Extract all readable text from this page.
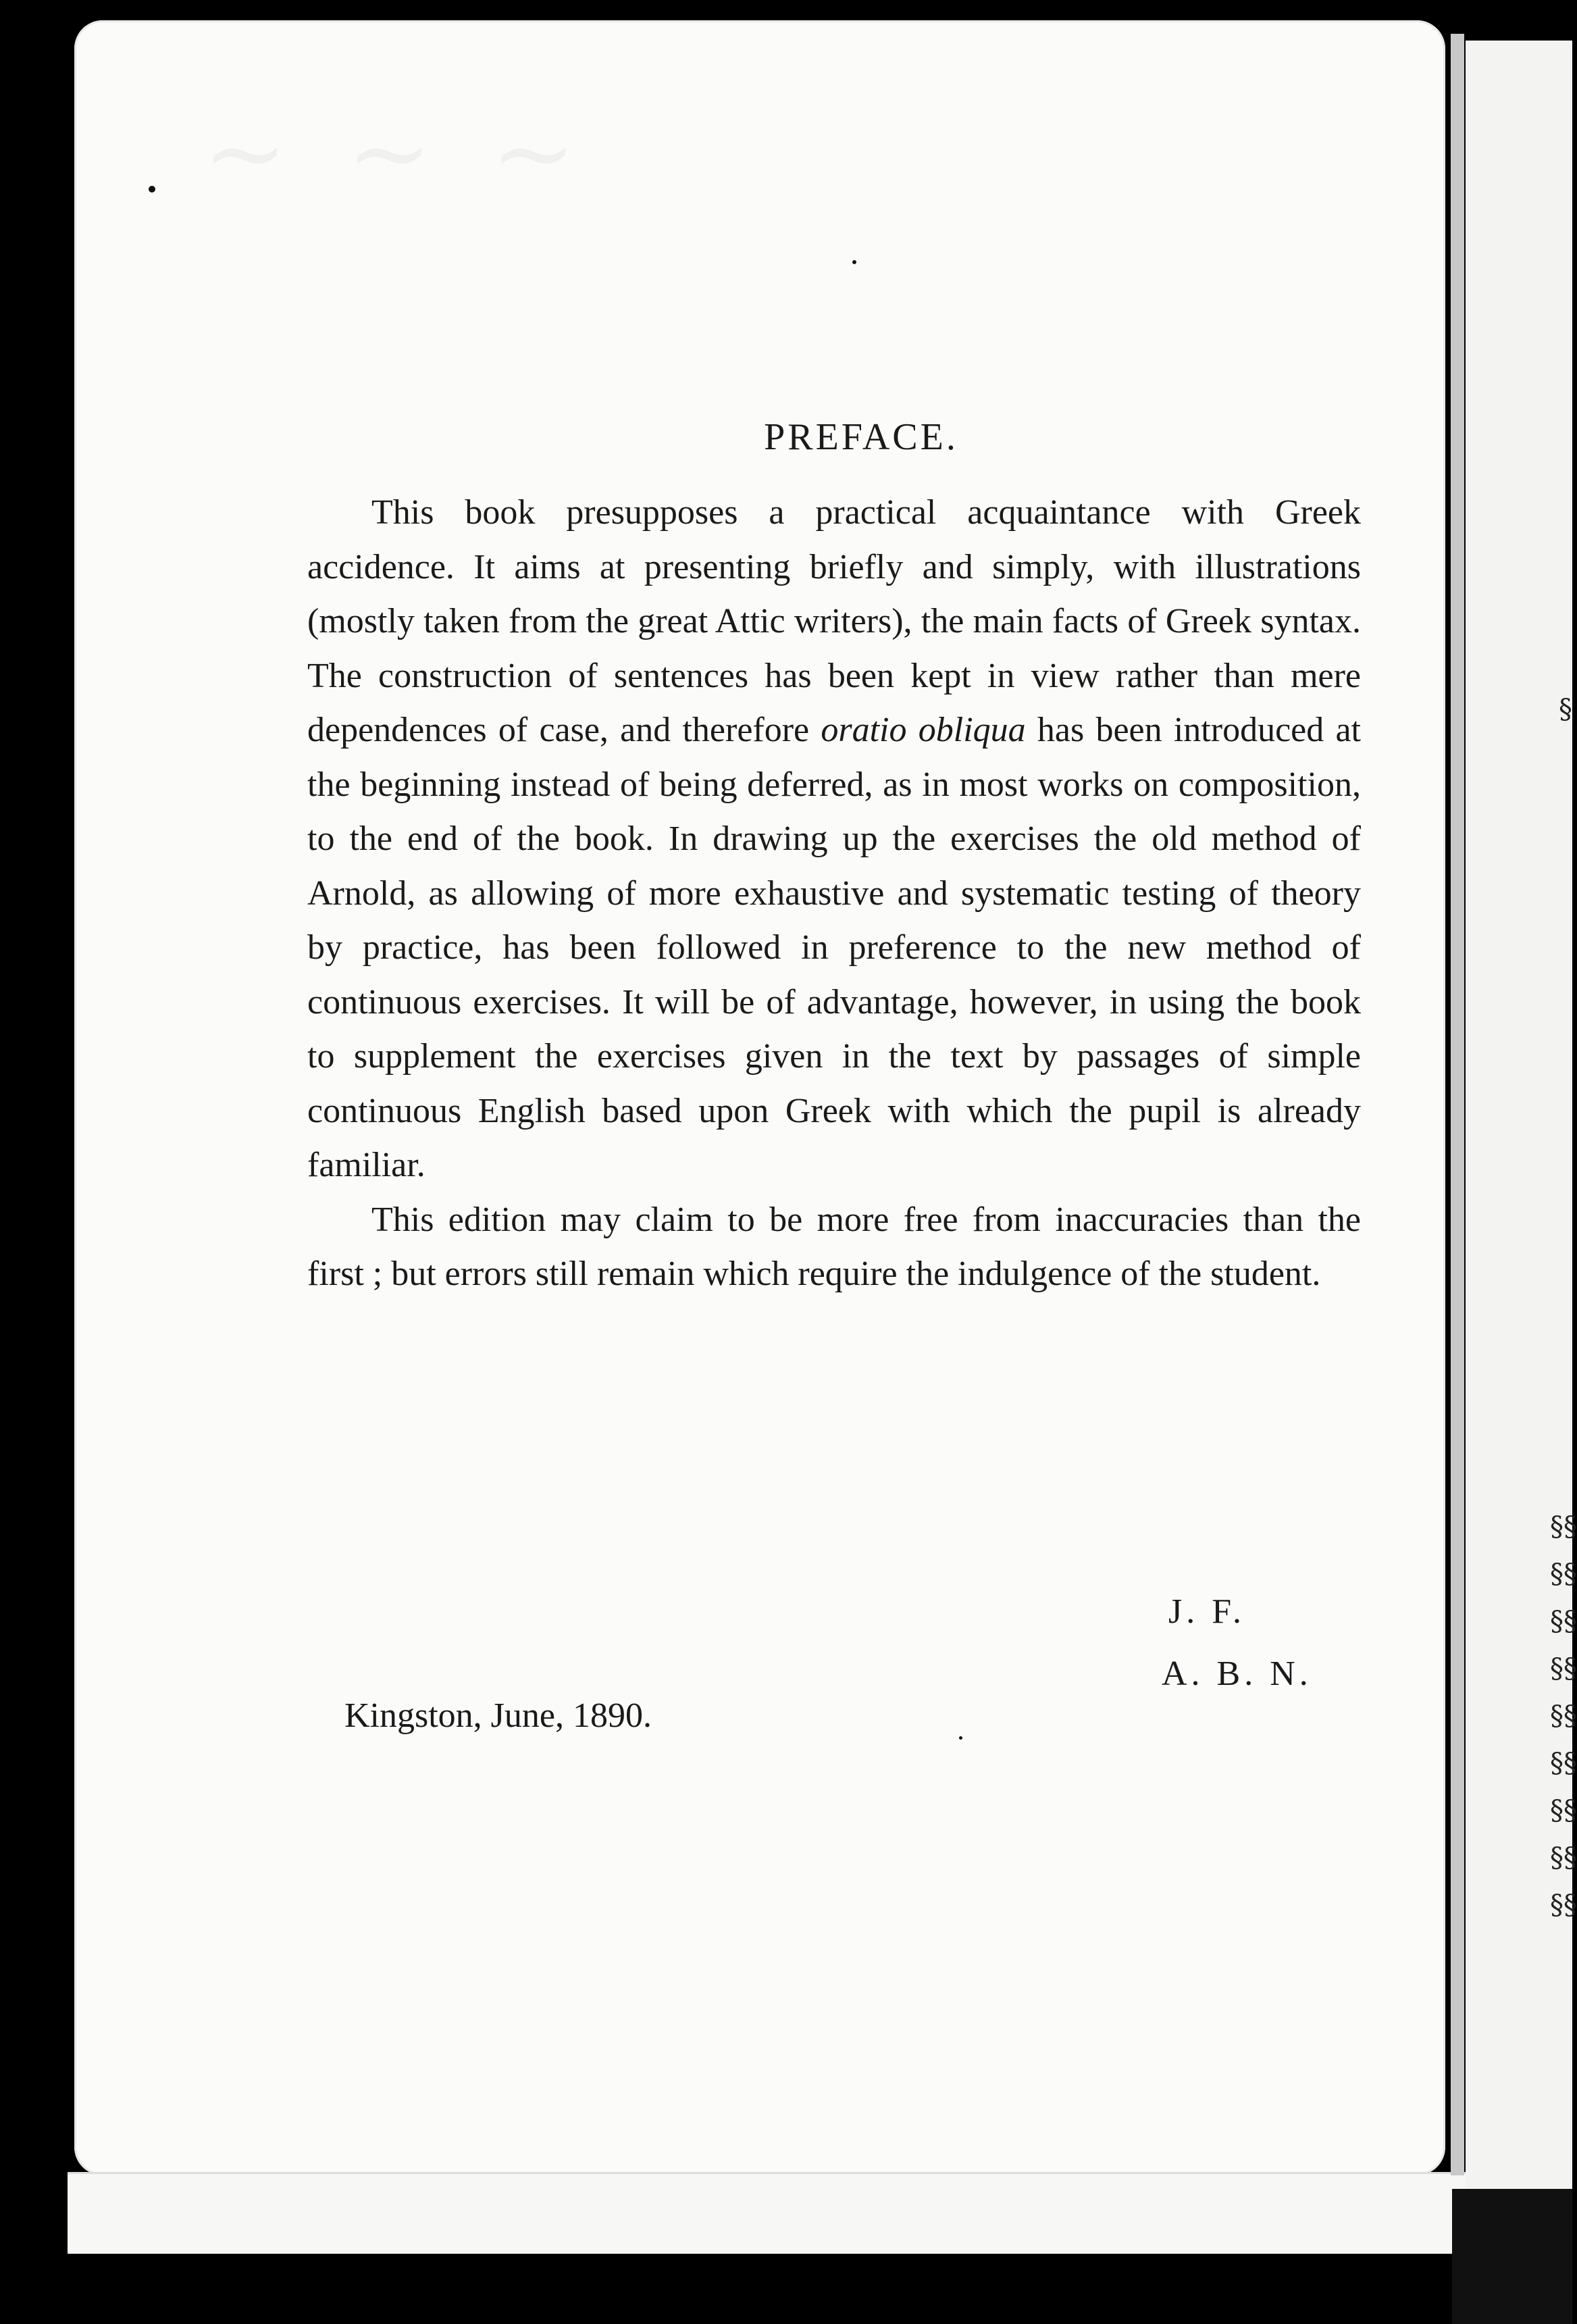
~ ~ ~
§
§§
§§
§§
§§
§§
§§
§§
§§
§§
PREFACE.

This book presupposes a practical acquaintance with Greek accidence. It aims at presenting briefly and simply, with illustrations (mostly taken from the great Attic writers), the main facts of Greek syntax. The construction of sentences has been kept in view rather than mere dependences of case, and therefore oratio obliqua has been introduced at the beginning instead of being deferred, as in most works on composition, to the end of the book. In drawing up the exercises the old method of Arnold, as allowing of more exhaustive and systematic testing of theory by practice, has been followed in preference to the new method of continuous exercises. It will be of advantage, however, in using the book to supplement the exercises given in the text by passages of simple continuous English based upon Greek with which the pupil is already familiar.

This edition may claim to be more free from inaccuracies than the first ; but errors still remain which require the indulgence of the student.

J. F.
A. B. N.
Kingston, June, 1890.
